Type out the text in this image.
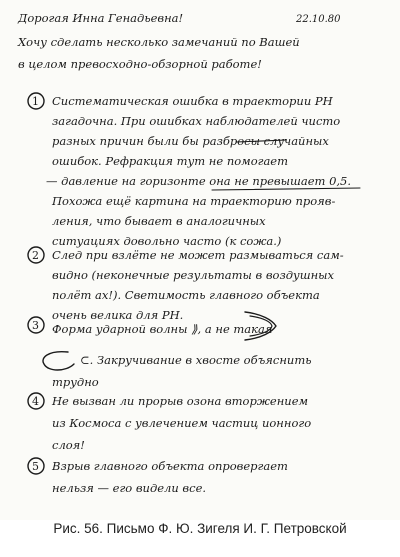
22.10.80
Дорогая Инна Генадьевна!
Хочу сделать несколько замечаний по Вашей
в целом превосходно-обзорной работе!
1 Систематическая ошибка в траектории РН
загадочна. При ошибках наблюдателей чисто
разных причин были бы разбросы случайных
ошибок. Рефракция тут не помогает
— давление на горизонте она не превышает 0,5.
Похожа ещё картина на траекторию прояв-
ления, что бывает в аналогичных
ситуациях довольно часто (к сожа.)
2 След при взлёте не может размываться сам-
видно (неконечные результаты в воздушных
полёт ах!). Светимость главного объекта
очень велика для РН.
3 Форма ударной волны ⟫, а не такая
⊂. Закручивание в хвосте объяснить
трудно
4 Не вызван ли прорыв озона вторжением
из Космоса с увлечением частиц ионного
слоя!
5 Взрыв главного объекта опровергает
нельзя — его видели все.
Рис. 56. Письмо Ф. Ю. Зигеля И. Г. Петровской
